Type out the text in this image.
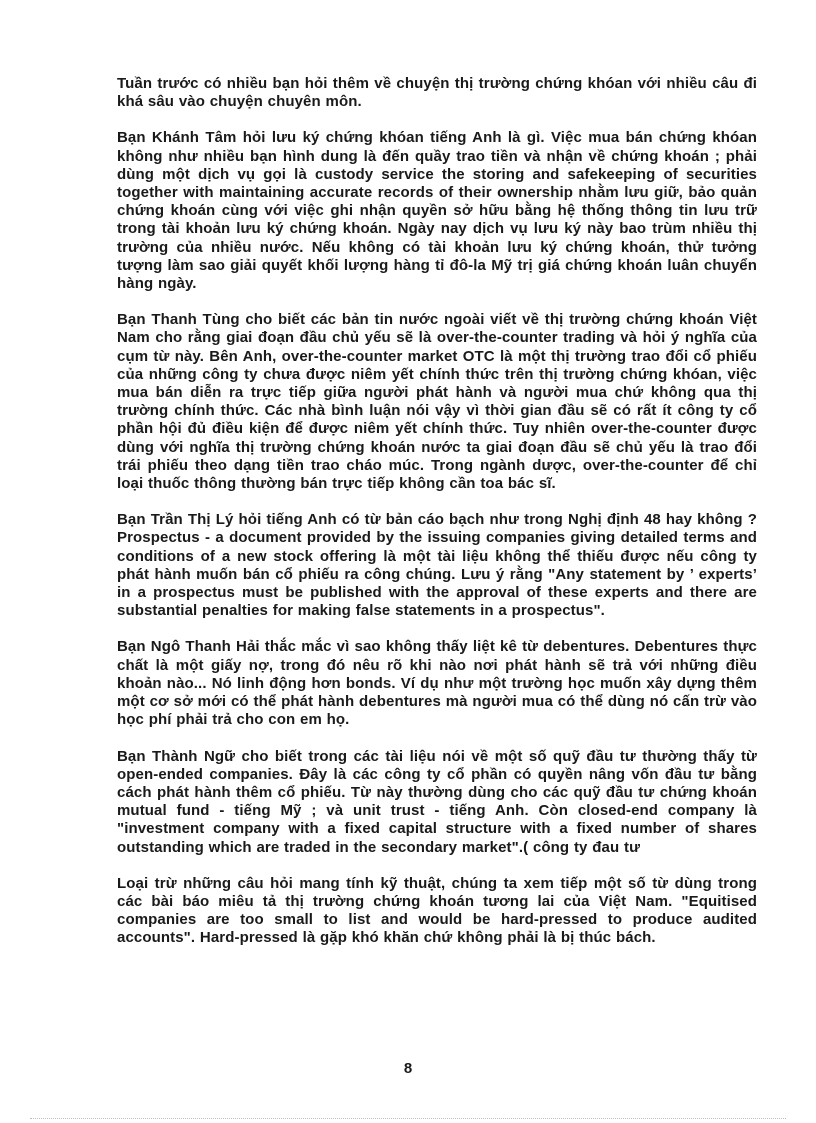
Tuần trước có nhiều bạn hỏi thêm về chuyện thị trường chứng khóan với nhiều câu đi khá sâu vào chuyện chuyên môn.

Bạn Khánh Tâm hỏi lưu ký chứng khóan tiếng Anh là gì. Việc mua bán chứng khóan không như nhiều bạn hình dung là đến quầy trao tiền và nhận về chứng khoán ; phải dùng một dịch vụ gọi là custody service the storing and safekeeping of securities together with maintaining accurate records of their ownership nhằm lưu giữ, bảo quản chứng khoán cùng với việc ghi nhận quyền sở hữu bằng hệ thống thông tin lưu trữ trong tài khoản lưu ký chứng khoán. Ngày nay dịch vụ lưu ký này bao trùm nhiều thị trường của nhiều nước. Nếu không có tài khoản lưu ký chứng khoán, thử tưởng tượng làm sao giải quyết khối lượng hàng tỉ đô-la Mỹ trị giá chứng khoán luân chuyển hàng ngày.

Bạn Thanh Tùng cho biết các bản tin nước ngoài viết về thị trường chứng khoán Việt Nam cho rằng giai đoạn đầu chủ yếu sẽ là over-the-counter trading và hỏi ý nghĩa của cụm từ này. Bên Anh, over-the-counter market OTC là một thị trường trao đổi cổ phiếu của những công ty chưa được niêm yết chính thức trên thị trường chứng khóan, việc mua bán diễn ra trực tiếp giữa người phát hành và người mua chứ không qua thị trường chính thức. Các nhà bình luận nói vậy vì thời gian đầu sẽ có rất ít công ty cổ phần hội đủ điều kiện để được niêm yết chính thức. Tuy nhiên over-the-counter được dùng với nghĩa thị trường chứng khoán nước ta giai đoạn đầu sẽ chủ yếu là trao đổi trái phiếu theo dạng tiền trao cháo múc. Trong ngành dược, over-the-counter để chỉ loại thuốc thông thường bán trực tiếp không cần toa bác sĩ.

Bạn Trần Thị Lý hỏi tiếng Anh có từ bản cáo bạch như trong Nghị định 48 hay không ? Prospectus - a document provided by the issuing companies giving detailed terms and conditions of a new stock offering là một tài liệu không thể thiếu được nếu công ty phát hành muốn bán cổ phiếu ra công chúng. Lưu ý rằng "Any statement by ’ experts’ in a prospectus must be published with the approval of these experts and there are substantial penalties for making false statements in a prospectus".

Bạn Ngô Thanh Hải thắc mắc vì sao không thấy liệt kê từ debentures. Debentures thực chất là một giấy nợ, trong đó nêu rõ khi nào nơi phát hành sẽ trả với những điều khoản nào... Nó linh động hơn bonds. Ví dụ như một trường học muốn xây dựng thêm một cơ sở mới có thể phát hành debentures mà người mua có thể dùng nó cấn trừ vào học phí phải trả cho con em họ.

Bạn Thành Ngữ cho biết trong các tài liệu nói về một số quỹ đầu tư thường thấy từ open-ended companies. Đây là các công ty cổ phần có quyền nâng vốn đầu tư bằng cách phát hành thêm cổ phiếu. Từ này thường dùng cho các quỹ đầu tư chứng khoán mutual fund - tiếng Mỹ ; và unit trust - tiếng Anh. Còn closed-end company là "investment company with a fixed capital structure with a fixed number of shares outstanding which are traded in the secondary market".( công ty đau tư

Loại trừ những câu hỏi mang tính kỹ thuật, chúng ta xem tiếp một số từ dùng trong các bài báo miêu tả thị trường chứng khoán tương lai của Việt Nam. "Equitised companies are too small to list and would be hard-pressed to produce audited accounts". Hard-pressed là gặp khó khăn chứ không phải là bị thúc bách.

8
